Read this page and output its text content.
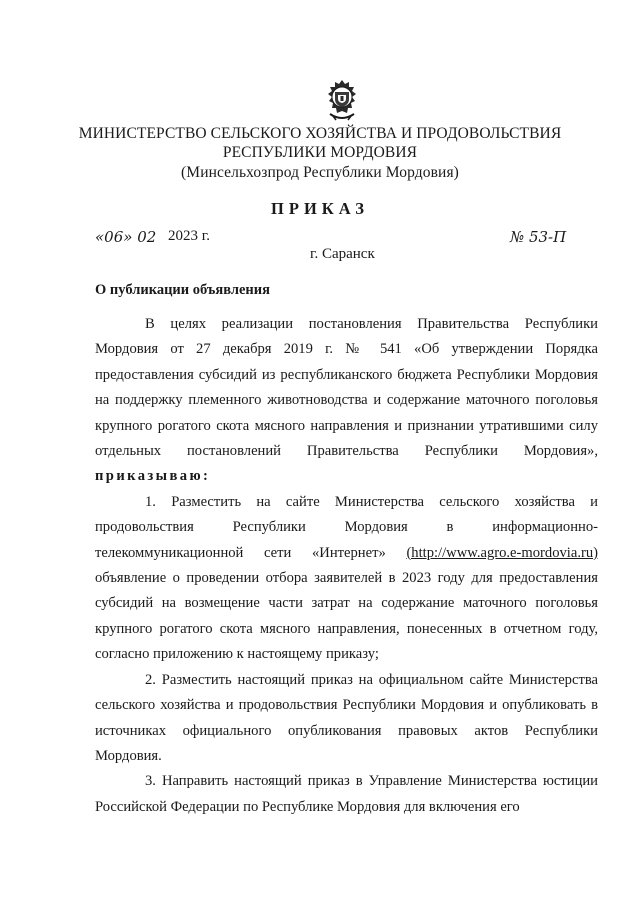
МИНИСТЕРСТВО СЕЛЬСКОГО ХОЗЯЙСТВА И ПРОДОВОЛЬСТВИЯ
РЕСПУБЛИКИ МОРДОВИЯ
(Минсельхозпрод Республики Мордовия)
ПРИКАЗ
«06» 02 2023 г.	№ 53-П
г. Саранск
О публикации объявления

В целях реализации постановления Правительства Республики Мордовия от 27 декабря 2019 г. № 541 «Об утверждении Порядка предоставления субсидий из республиканского бюджета Республики Мордовия на поддержку племенного животноводства и содержание маточного поголовья крупного рогатого скота мясного направления и признании утратившими силу отдельных постановлений Правительства Республики Мордовия», приказываю:

1. Разместить на сайте Министерства сельского хозяйства и продовольствия Республики Мордовия в информационно-телекоммуникационной сети «Интернет» (http://www.agro.e-mordovia.ru) объявление о проведении отбора заявителей в 2023 году для предоставления субсидий на возмещение части затрат на содержание маточного поголовья крупного рогатого скота мясного направления, понесенных в отчетном году, согласно приложению к настоящему приказу;

2. Разместить настоящий приказ на официальном сайте Министерства сельского хозяйства и продовольствия Республики Мордовия и опубликовать в источниках официального опубликования правовых актов Республики Мордовия.

3. Направить настоящий приказ в Управление Министерства юстиции Российской Федерации по Республике Мордовия для включения его
